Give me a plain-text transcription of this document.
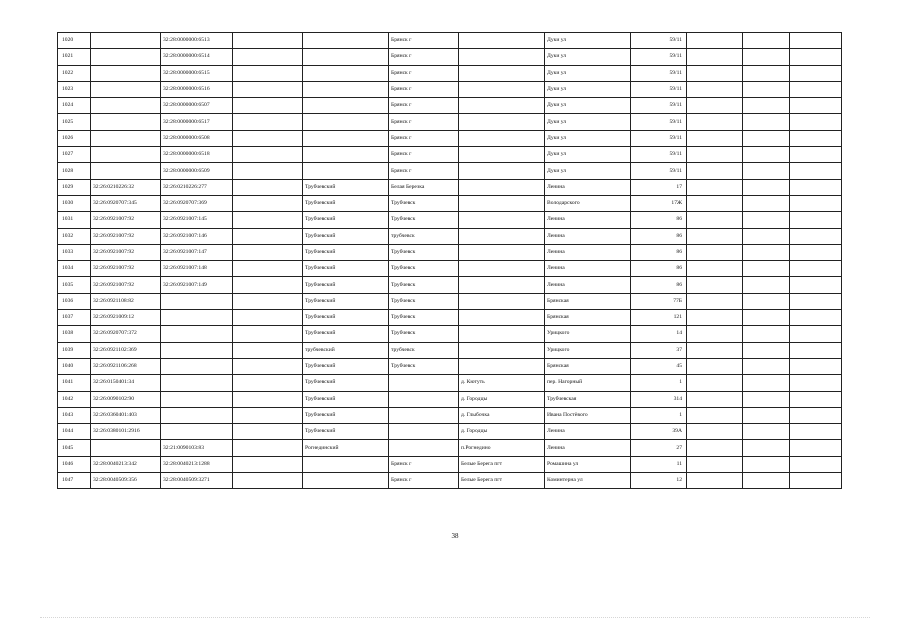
1020		32:28:0000000:6513			Брянск г		Дуки ул	59/11			
1021		32:28:0000000:6514			Брянск г		Дуки ул	59/11			
1022		32:28:0000000:6515			Брянск г		Дуки ул	59/11			
1023		32:28:0000000:6516			Брянск г		Дуки ул	59/11			
1024		32:28:0000000:6507			Брянск г		Дуки ул	59/11			
1025		32:28:0000000:6517			Брянск г		Дуки ул	59/11			
1026		32:28:0000000:6508			Брянск г		Дуки ул	59/11			
1027		32:28:0000000:6518			Брянск г		Дуки ул	59/11			
1028		32:28:0000000:6509			Брянск г		Дуки ул	59/11			
1029	32:26:0210226:32	32:26:0210226:277		Трубчевский	Белая Березка		Ленина	17			
1030	32:26:0920707:345	32:26:0920707:369		Трубчевский	Трубчевск		Володарского	17Ж			
1031	32:26:0921007:92	32:26:0921007:145		Трубчевский	Трубчевск		Ленина	86			
1032	32:26:0921007:92	32:26:0921007:146		Трубчевский	трубчевск		Ленина	86			
1033	32:26:0921007:92	32:26:0921007:147		Трубчевский	Трубчевск		Ленина	86			
1034	32:26:0921007:92	32:26:0921007:148		Трубчевский	Трубчевск		Ленина	86			
1035	32:26:0921007:92	32:26:0921007:149		Трубчевский	Трубчевск		Ленина	86			
1036	32:26:0921108:82			Трубчевский	Трубчевск		Брянская	77Б			
1037	32:26:0921009:12			Трубчевский	Трубчевск		Брянская	121			
1038	32:26:0920707:372			Трубчевский	Трубчевск		Урицкого	14			
1039	32:26:0921102:369			трубчевский	трубчевск		Урицкого	37			
1040	32:26:0921106:268			Трубчевский	Трубчевск		Брянская	45			
1041	32:26:0150401:34			Трубчевский		д. Кютуть	пер. Нагорный	1			
1042	32:26:0090102:90			Трубчевский		д. Городцы	Трубчевская	314			
1043	32:26:0360401:403			Трубчевский		д. Глыбочка	Ивана Постёвого	1			
1044	32:26:0380101:2916			Трубчевский		д. Городцы	Ленина	39А			
1045		32:21:0090103:83		Рогнединский		п.Рогнедино	Ленина	27			
1046	32:28:0040213:342	32:28:0040213:1288			Брянск г	Белые Берега пгт	Ромашина ул	11			
1047	32:28:0040509:356	32:28:0040509:3271			Брянск г	Белые Берега пгт	Коминтерна ул	12			
38
